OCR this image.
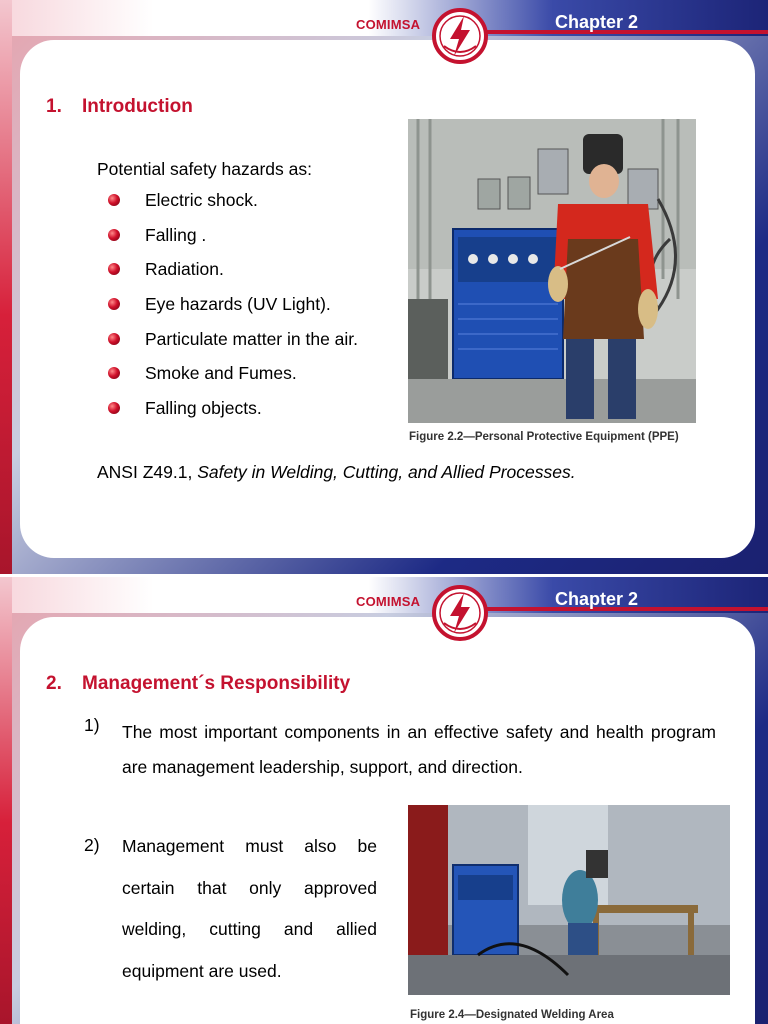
COMIMSA	Chapter 2
1. Introduction
Potential safety hazards as:
Electric shock.
Falling .
Radiation.
Eye hazards (UV Light).
Particulate matter in the air.
Smoke and Fumes.
Falling objects.
Figure 2.2—Personal Protective Equipment (PPE)
ANSI Z49.1, Safety in Welding, Cutting, and Allied Processes.
COMIMSA	Chapter 2
2. Management´s Responsibility
1) The most important components in an effective safety and health program are management leadership, support, and direction.
2) Management must also be certain that only approved welding, cutting and allied equipment are used.
Figure 2.4—Designated Welding Area
